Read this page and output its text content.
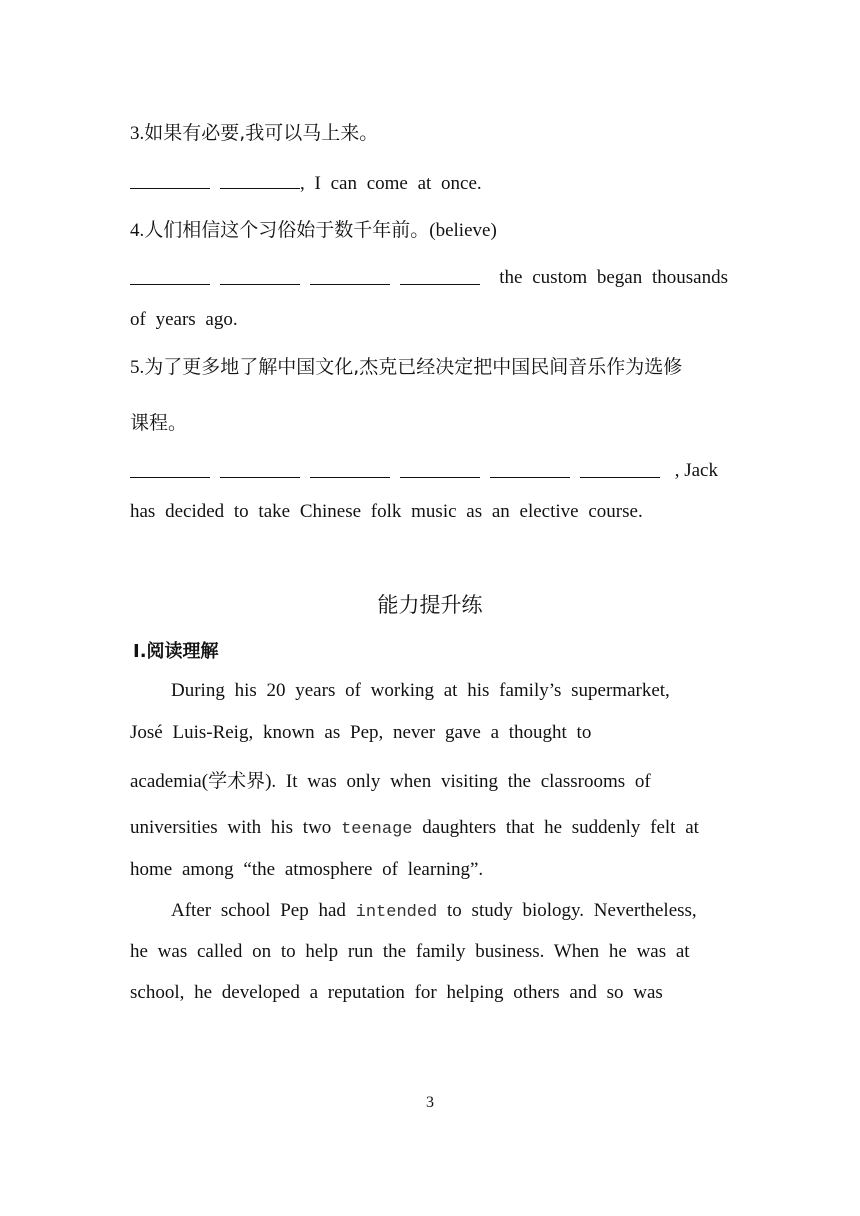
3.如果有必要,我可以马上来。
, I can come at once.
4.人们相信这个习俗始于数千年前。(believe)
the custom began thousands
of years ago.
5.为了更多地了解中国文化,杰克已经决定把中国民间音乐作为选修
课程。
, Jack
has decided to take Chinese folk music as an elective course.
能力提升练
Ⅰ.阅读理解
During his 20 years of working at his family’s supermarket,
José Luis-Reig, known as Pep, never gave a thought to
academia(学术界). It was only when visiting the classrooms of
universities with his two teenage daughters that he suddenly felt at
home among “the atmosphere of learning”.
After school Pep had intended to study biology. Nevertheless,
he was called on to help run the family business. When he was at
school, he developed a reputation for helping others and so was
3
